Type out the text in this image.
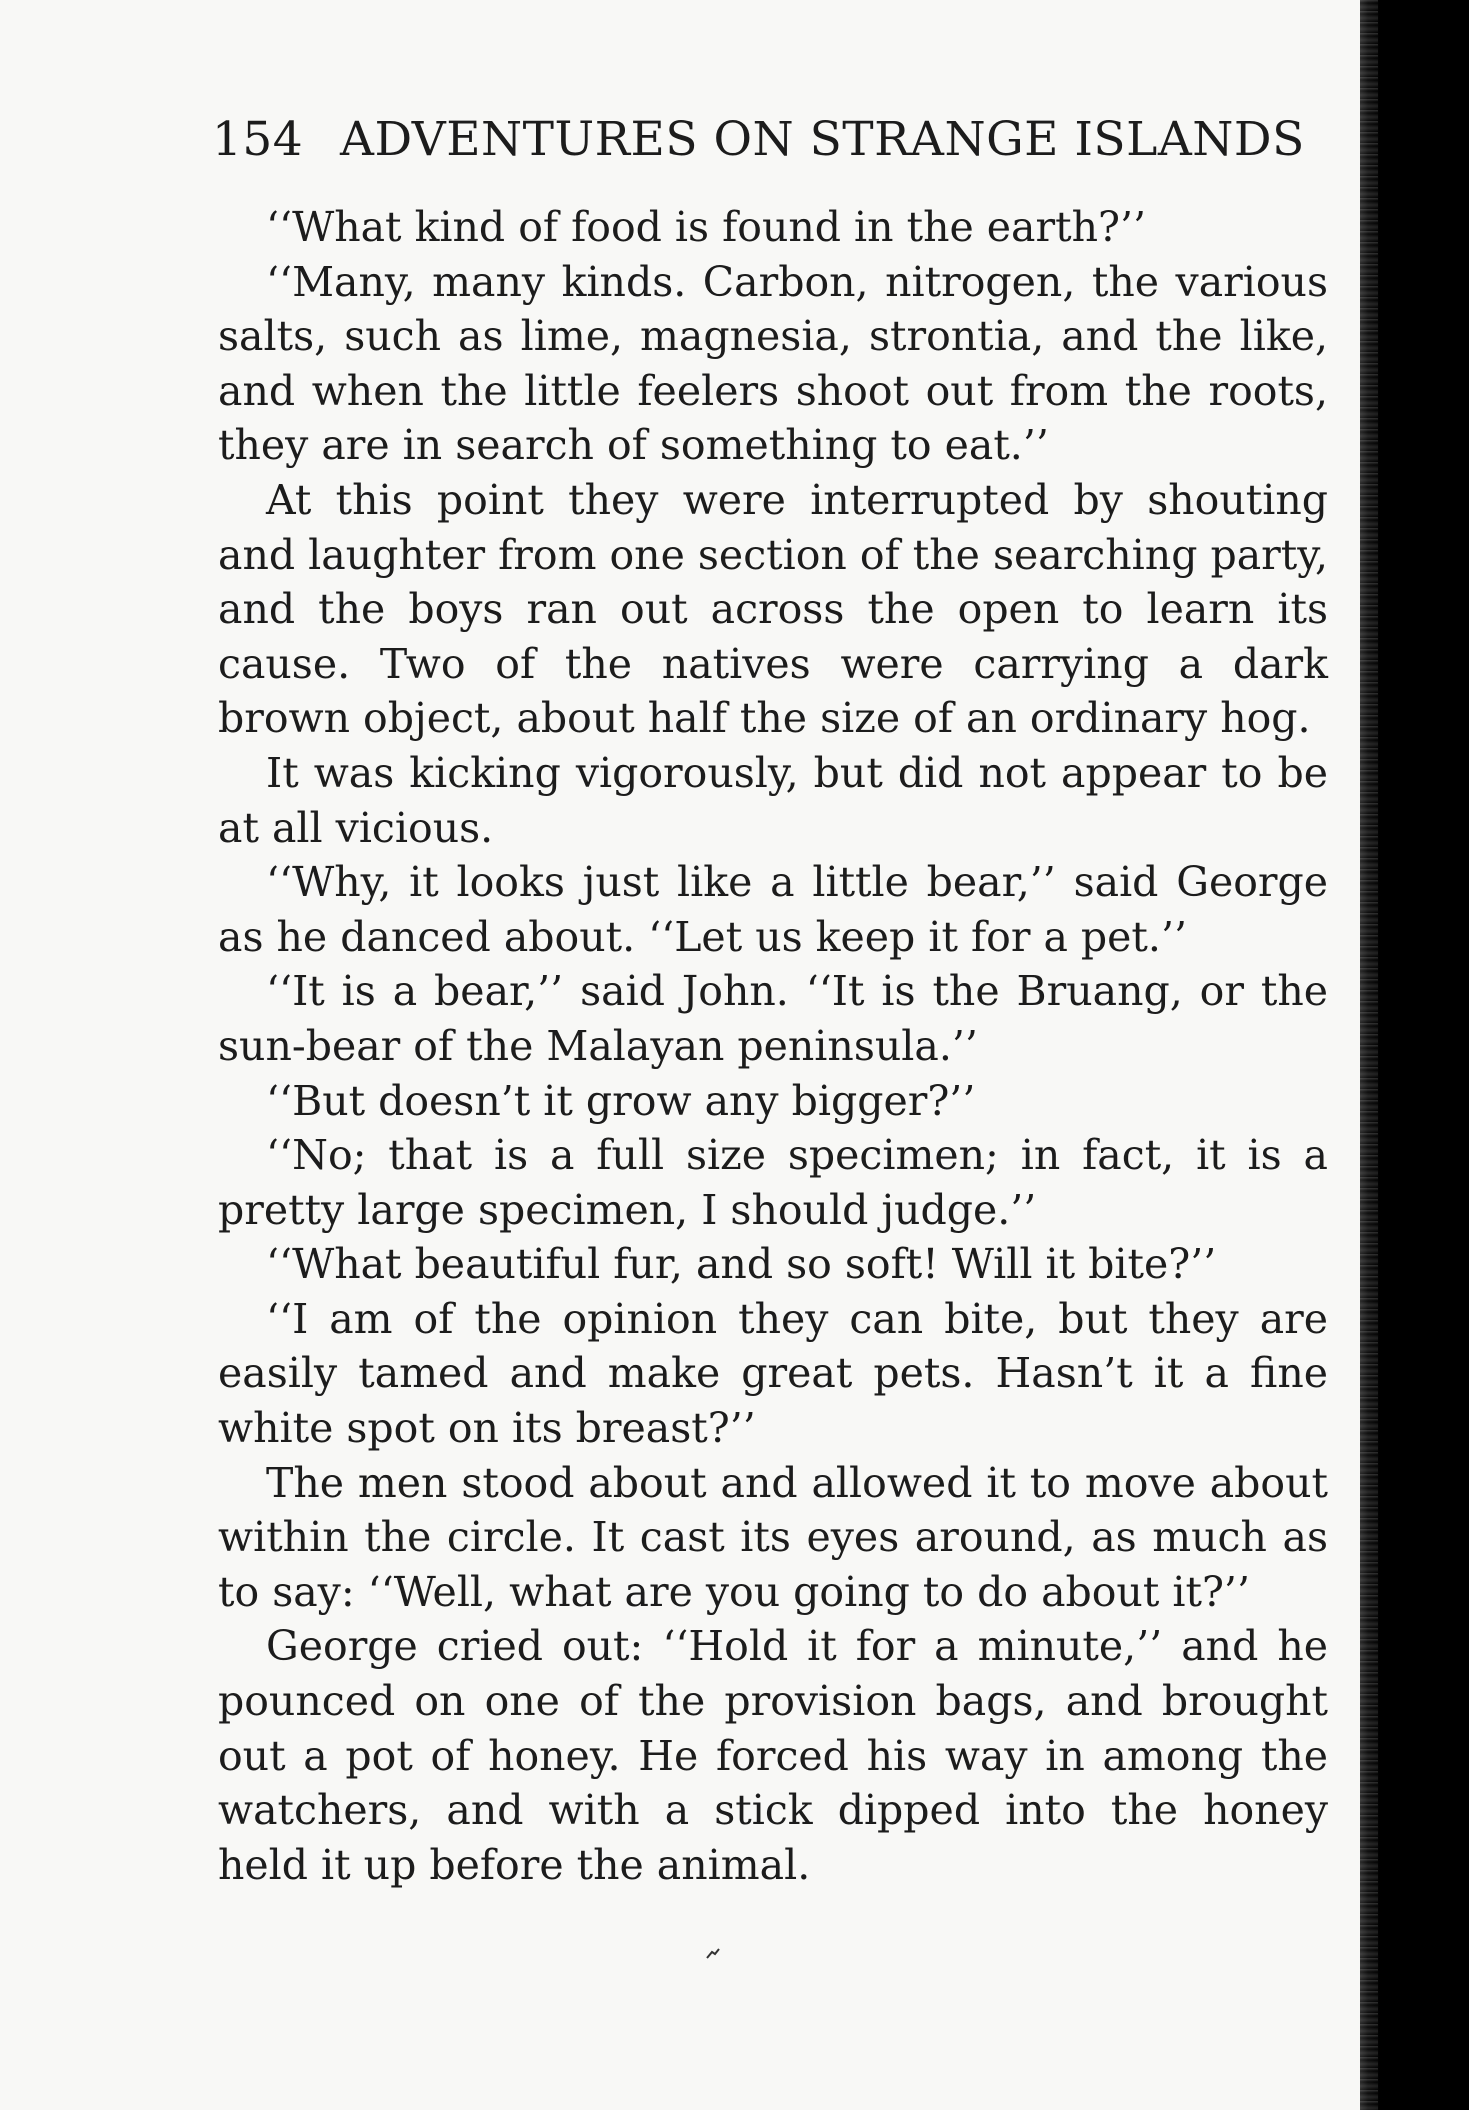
154 ADVENTURES ON STRANGE ISLANDS

‘‘What kind of food is found in the earth?’’

‘‘Many, many kinds. Carbon, nitrogen, the various salts, such as lime, magnesia, strontia, and the like, and when the little feelers shoot out from the roots, they are in search of something to eat.’’

At this point they were interrupted by shouting and laughter from one section of the searching party, and the boys ran out across the open to learn its cause. Two of the natives were carrying a dark brown object, about half the size of an ordinary hog.

It was kicking vigorously, but did not appear to be at all vicious.

‘‘Why, it looks just like a little bear,’’ said George as he danced about. ‘‘Let us keep it for a pet.’’

‘‘It is a bear,’’ said John. ‘‘It is the Bruang, or the sun-bear of the Malayan peninsula.’’

‘‘But doesn’t it grow any bigger?’’

‘‘No; that is a full size specimen; in fact, it is a pretty large specimen, I should judge.’’

‘‘What beautiful fur, and so soft! Will it bite?’’

‘‘I am of the opinion they can bite, but they are easily tamed and make great pets. Hasn’t it a fine white spot on its breast?’’

The men stood about and allowed it to move about within the circle. It cast its eyes around, as much as to say: ‘‘Well, what are you going to do about it?’’

George cried out: ‘‘Hold it for a minute,’’ and he pounced on one of the provision bags, and brought out a pot of honey. He forced his way in among the watchers, and with a stick dipped into the honey held it up before the animal.
